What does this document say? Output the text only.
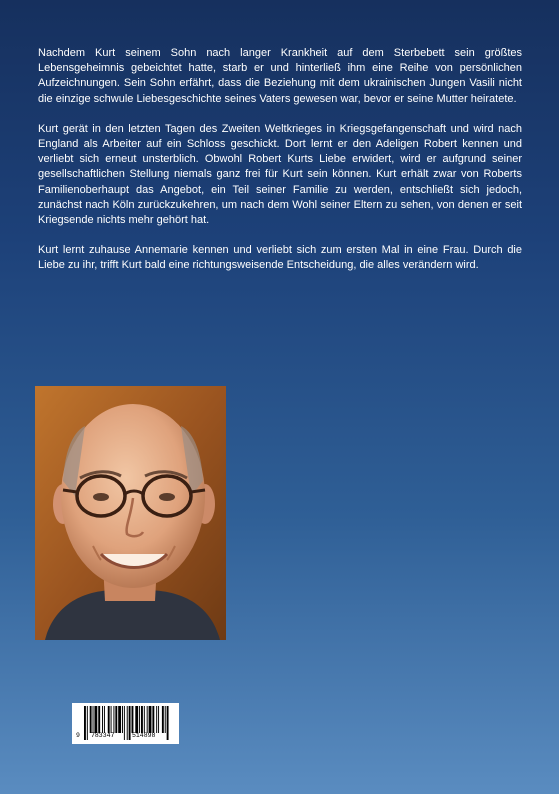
Nachdem Kurt seinem Sohn nach langer Krankheit auf dem Sterbebett sein größtes Lebensgeheimnis gebeichtet hatte, starb er und hinterließ ihm eine Reihe von persönlichen Aufzeichnungen. Sein Sohn erfährt, dass die Beziehung mit dem ukrainischen Jungen Vasili nicht die einzige schwule Liebesgeschichte seines Vaters gewesen war, bevor er seine Mutter heiratete.

Kurt gerät in den letzten Tagen des Zweiten Weltkrieges in Kriegsgefangenschaft und wird nach England als Arbeiter auf ein Schloss geschickt. Dort lernt er den Adeligen Robert kennen und verliebt sich erneut unsterblich. Obwohl Robert Kurts Liebe erwidert, wird er aufgrund seiner gesellschaftlichen Stellung niemals ganz frei für Kurt sein können. Kurt erhält zwar von Roberts Familienoberhaupt das Angebot, ein Teil seiner Familie zu werden, entschließt sich jedoch, zunächst nach Köln zurückzukehren, um nach dem Wohl seiner Eltern zu sehen, von denen er seit Kriegsende nichts mehr gehört hat.

Kurt lernt zuhause Annemarie kennen und verliebt sich zum ersten Mal in eine Frau. Durch die Liebe zu ihr, trifft Kurt bald eine richtungsweisende Entscheidung, die alles verändern wird.

9 783347	514898
